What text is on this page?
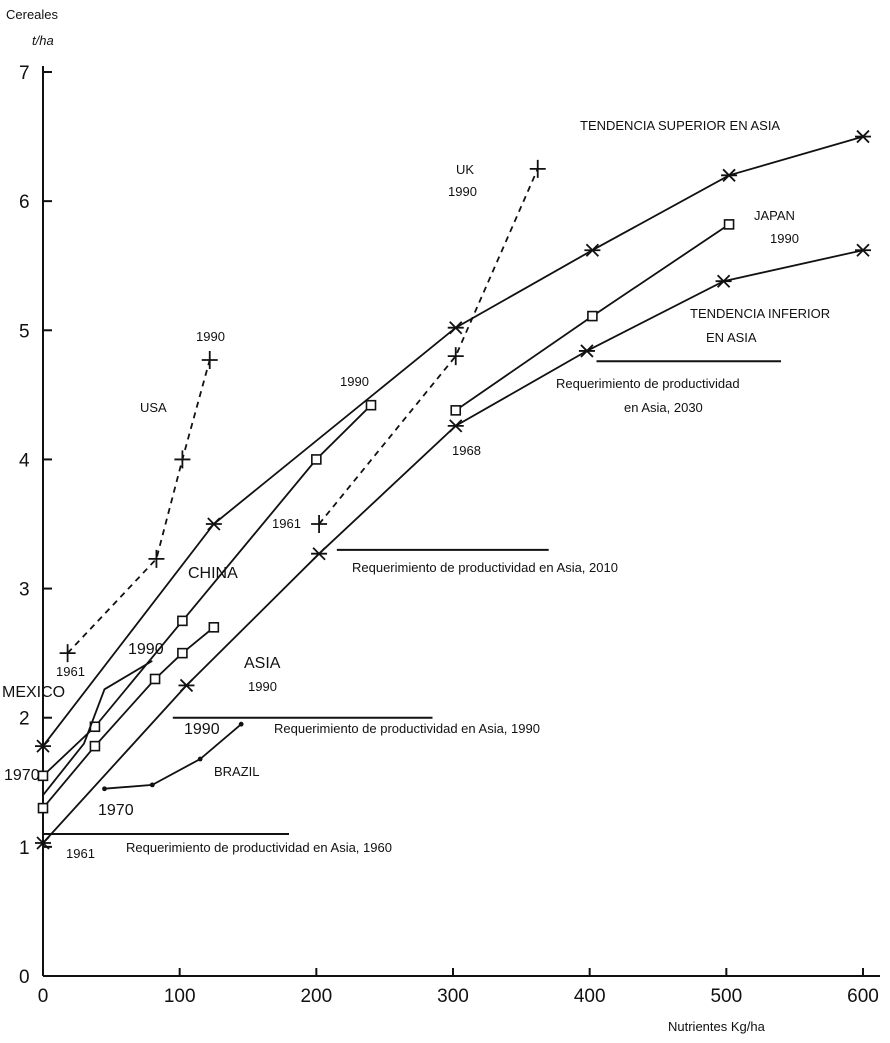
Cereales
t/ha
Nutrientes Kg/ha
0
1
2
3
4
5
6
7
0	100	200	300	400	500	600
TENDENCIA SUPERIOR EN ASIA
UK
1990
JAPAN
1990
TENDENCIA INFERIOR
EN ASIA
1990
1990	Requerimiento de productividad
en Asia, 2030
USA
1968
1961
Requerimiento de productividad en Asia, 2010
CHINA
1990
1961	ASIA
1990
MEXICO
1990	Requerimiento de productividad en Asia, 1990
1970	BRAZIL
1970
1961 Requerimiento de productividad en Asia, 1960
